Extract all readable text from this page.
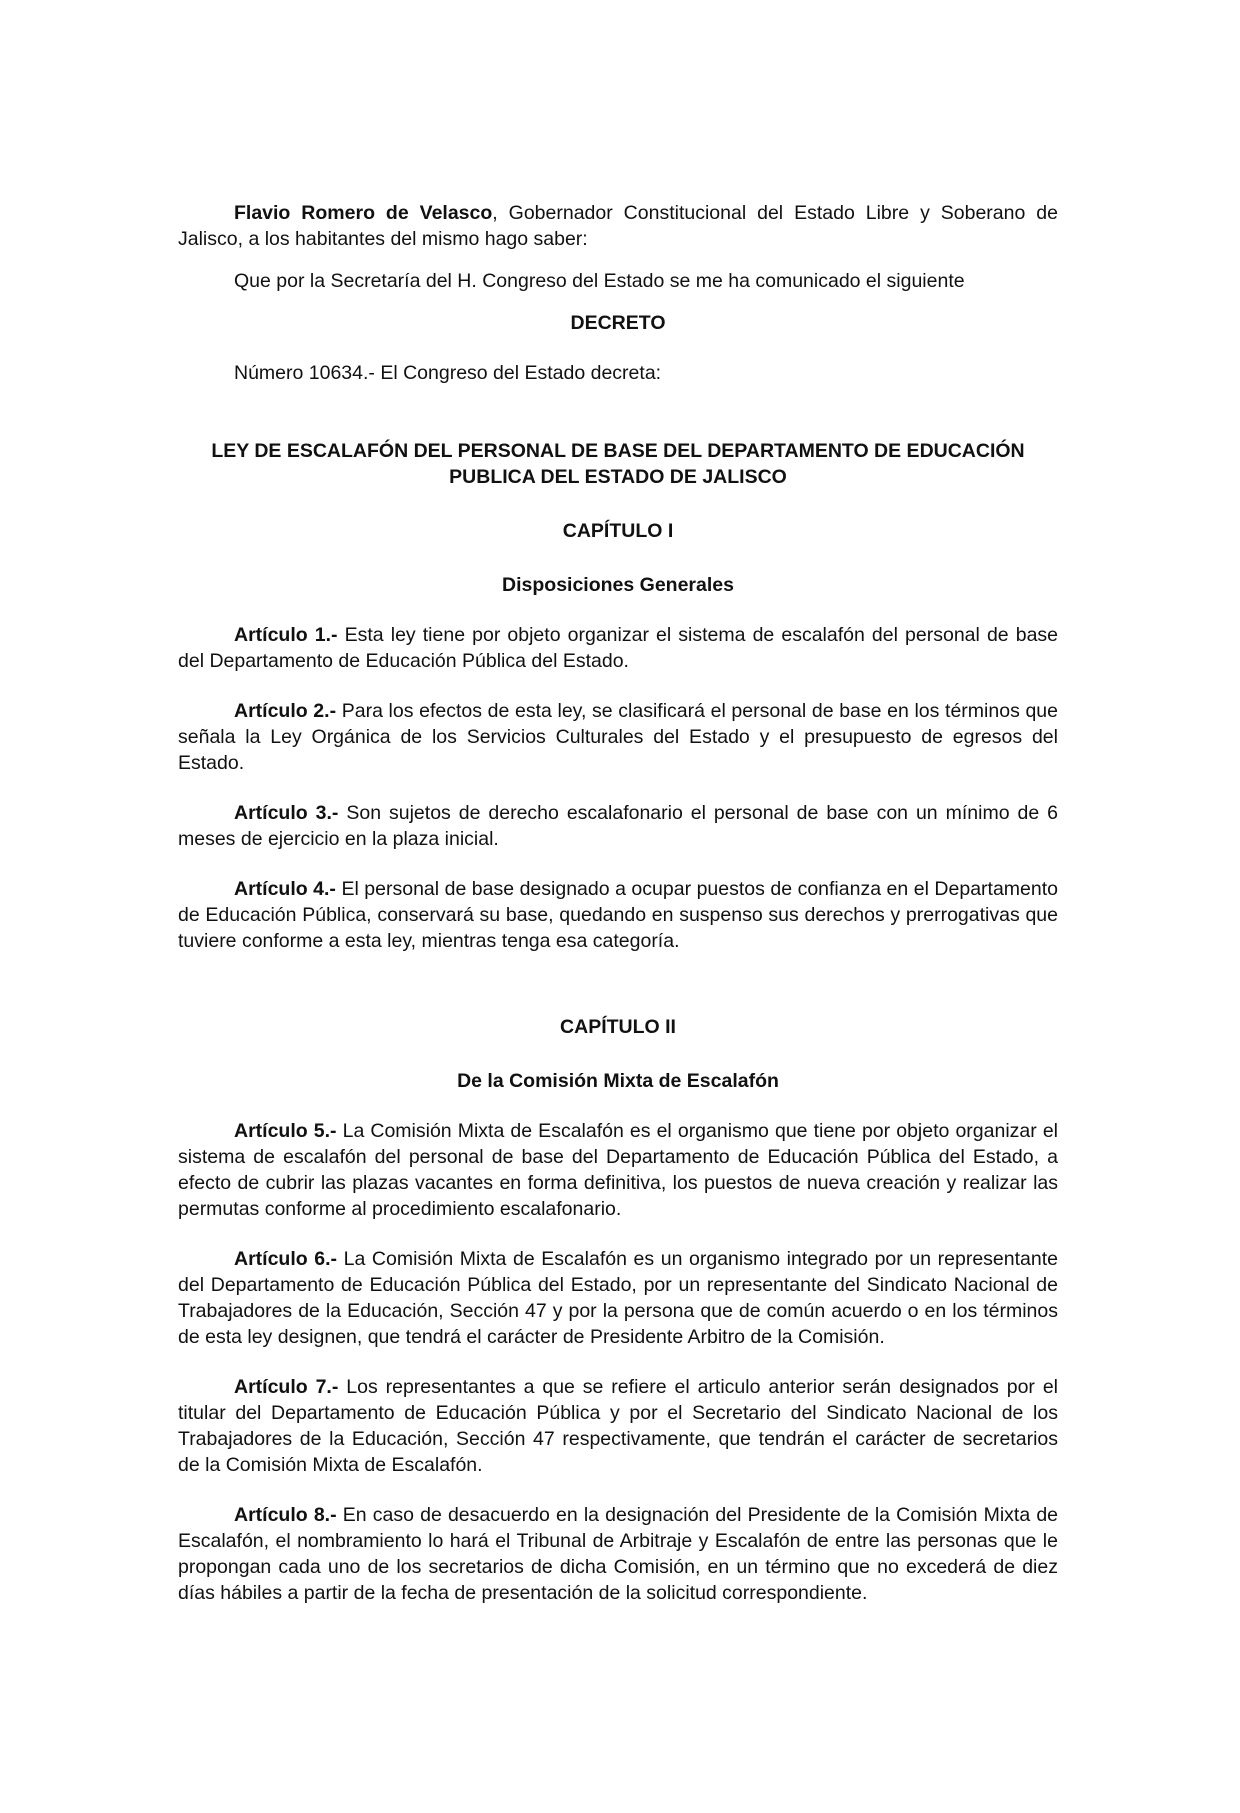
Flavio Romero de Velasco, Gobernador Constitucional del Estado Libre y Soberano de Jalisco, a los habitantes del mismo hago saber:

Que por la Secretaría del H. Congreso del Estado se me ha comunicado el siguiente

DECRETO

Número 10634.- El Congreso del Estado decreta:

LEY DE ESCALAFÓN DEL PERSONAL DE BASE DEL DEPARTAMENTO DE EDUCACIÓN
PUBLICA DEL ESTADO DE JALISCO

CAPÍTULO I

Disposiciones Generales

Artículo 1.- Esta ley tiene por objeto organizar el sistema de escalafón del personal de base del Departamento de Educación Pública del Estado.

Artículo 2.- Para los efectos de esta ley, se clasificará el personal de base en los términos que señala la Ley Orgánica de los Servicios Culturales del Estado y el presupuesto de egresos del Estado.

Artículo 3.- Son sujetos de derecho escalafonario el personal de base con un mínimo de 6 meses de ejercicio en la plaza inicial.

Artículo 4.- El personal de base designado a ocupar puestos de confianza en el Departamento de Educación Pública, conservará su base, quedando en suspenso sus derechos y prerrogativas que tuviere conforme a esta ley, mientras tenga esa categoría.

CAPÍTULO II

De la Comisión Mixta de Escalafón

Artículo 5.- La Comisión Mixta de Escalafón es el organismo que tiene por objeto organizar el sistema de escalafón del personal de base del Departamento de Educación Pública del Estado, a efecto de cubrir las plazas vacantes en forma definitiva, los puestos de nueva creación y realizar las permutas conforme al procedimiento escalafonario.

Artículo 6.- La Comisión Mixta de Escalafón es un organismo integrado por un representante del Departamento de Educación Pública del Estado, por un representante del Sindicato Nacional de Trabajadores de la Educación, Sección 47 y por la persona que de común acuerdo o en los términos de esta ley designen, que tendrá el carácter de Presidente Arbitro de la Comisión.

Artículo 7.- Los representantes a que se refiere el articulo anterior serán designados por el titular del Departamento de Educación Pública y por el Secretario del Sindicato Nacional de los Trabajadores de la Educación, Sección 47 respectivamente, que tendrán el carácter de secretarios de la Comisión Mixta de Escalafón.

Artículo 8.- En caso de desacuerdo en la designación del Presidente de la Comisión Mixta de Escalafón, el nombramiento lo hará el Tribunal de Arbitraje y Escalafón de entre las personas que le propongan cada uno de los secretarios de dicha Comisión, en un término que no excederá de diez días hábiles a partir de la fecha de presentación de la solicitud correspondiente.
